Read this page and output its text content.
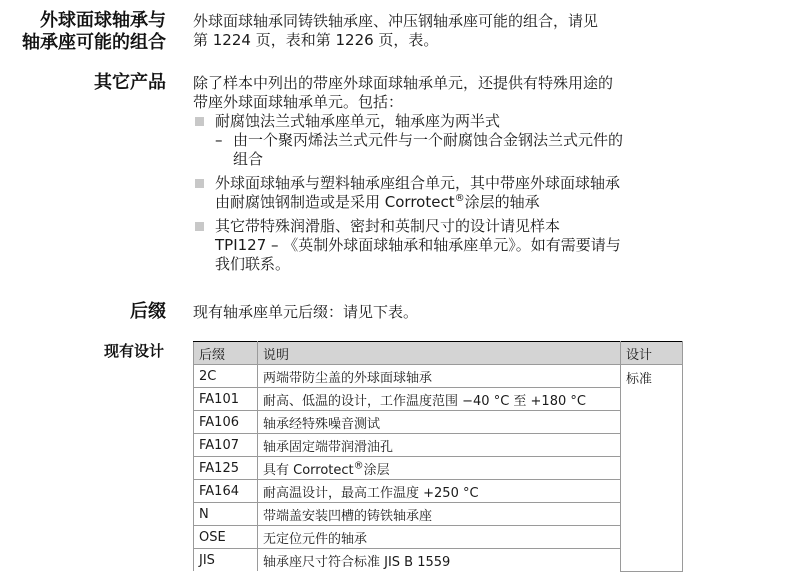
外球面球轴承与
轴承座可能的组合
外球面球轴承同铸铁轴承座、冲压钢轴承座可能的组合，请见
第 1224 页，表和第 1226 页，表。
其它产品 除了样本中列出的带座外球面球轴承单元，还提供有特殊用途的
带座外球面球轴承单元。包括：
耐腐蚀法兰式轴承座单元，轴承座为两半式
– 由一个聚丙烯法兰式元件与一个耐腐蚀合金钢法兰式元件的
组合
外球面球轴承与塑料轴承座组合单元，其中带座外球面球轴承
由耐腐蚀钢制造或是采用 Corrotect®涂层的轴承
其它带特殊润滑脂、密封和英制尺寸的设计请见样本
TPI127 – 《英制外球面球轴承和轴承座单元》。如有需要请与
我们联系。
后缀 现有轴承座单元后缀：请见下表。
现有设计	后缀	说明	设计
2C	两端带防尘盖的外球面球轴承	标准
FA101	耐高、低温的设计，工作温度范围 −40 °C 至 +180 °C	
FA106	轴承经特殊噪音测试	
FA107	轴承固定端带润滑油孔	
FA125	具有 Corrotect®涂层	
FA164	耐高温设计，最高工作温度 +250 °C	
N	带端盖安装凹槽的铸铁轴承座	
OSE	无定位元件的轴承	
JIS	轴承座尺寸符合标准 JIS B 1559	
